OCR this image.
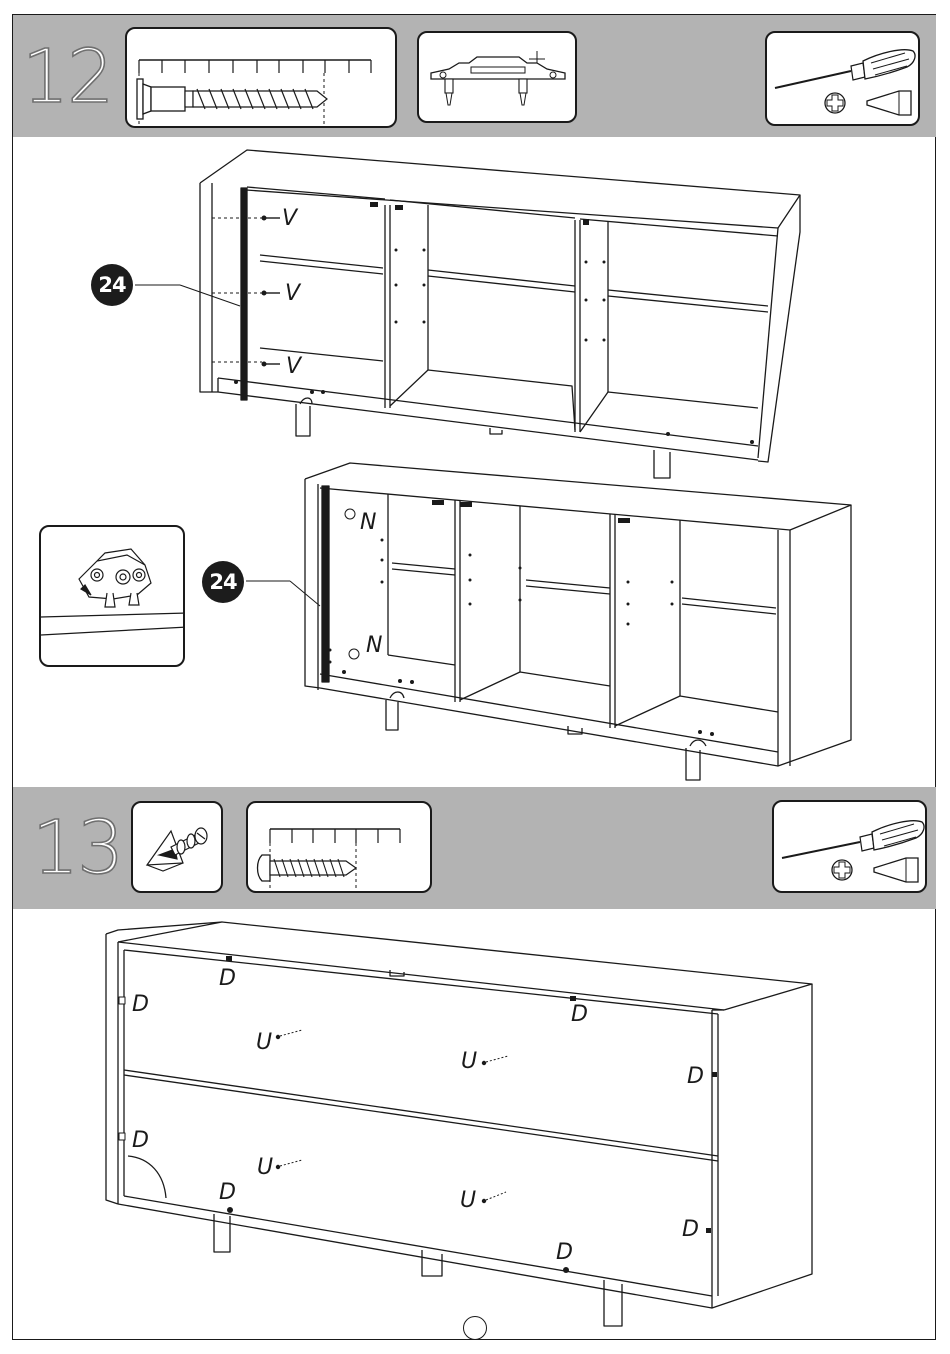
12
24
24
V
V
V
N
N
13
D
D	D
D
D
D
D
D
U
U
U
U
